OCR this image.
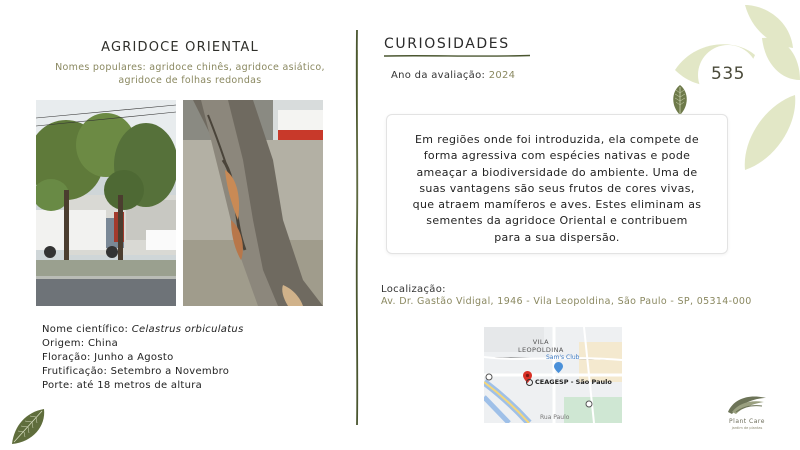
535
AGRIDOCE ORIENTAL
Nomes populares: agridoce chinês, agridoce asiático,
agridoce de folhas redondas
Nome científico: Celastrus orbiculatus
Origem: China
Floração: Junho a Agosto
Frutificação: Setembro a Novembro
Porte: até 18 metros de altura
CURIOSIDADES
Ano da avaliação: 2024
Em regiões onde foi introduzida, ela compete de
forma agressiva com espécies nativas e pode
ameaçar a biodiversidade do ambiente. Uma de
suas vantagens são seus frutos de cores vivas,
que atraem mamíferos e aves. Estes eliminam as
sementes da agridoce Oriental e contribuem
para a sua dispersão.
Localização:
Av. Dr. Gastão Vidigal, 1946 - Vila Leopoldina, São Paulo - SP, 05314-000
VILA
LEOPOLDINA
Sam's Club
CEAGESP - São Paulo
Rua Paulo
Plant Care
jardim de plantas
